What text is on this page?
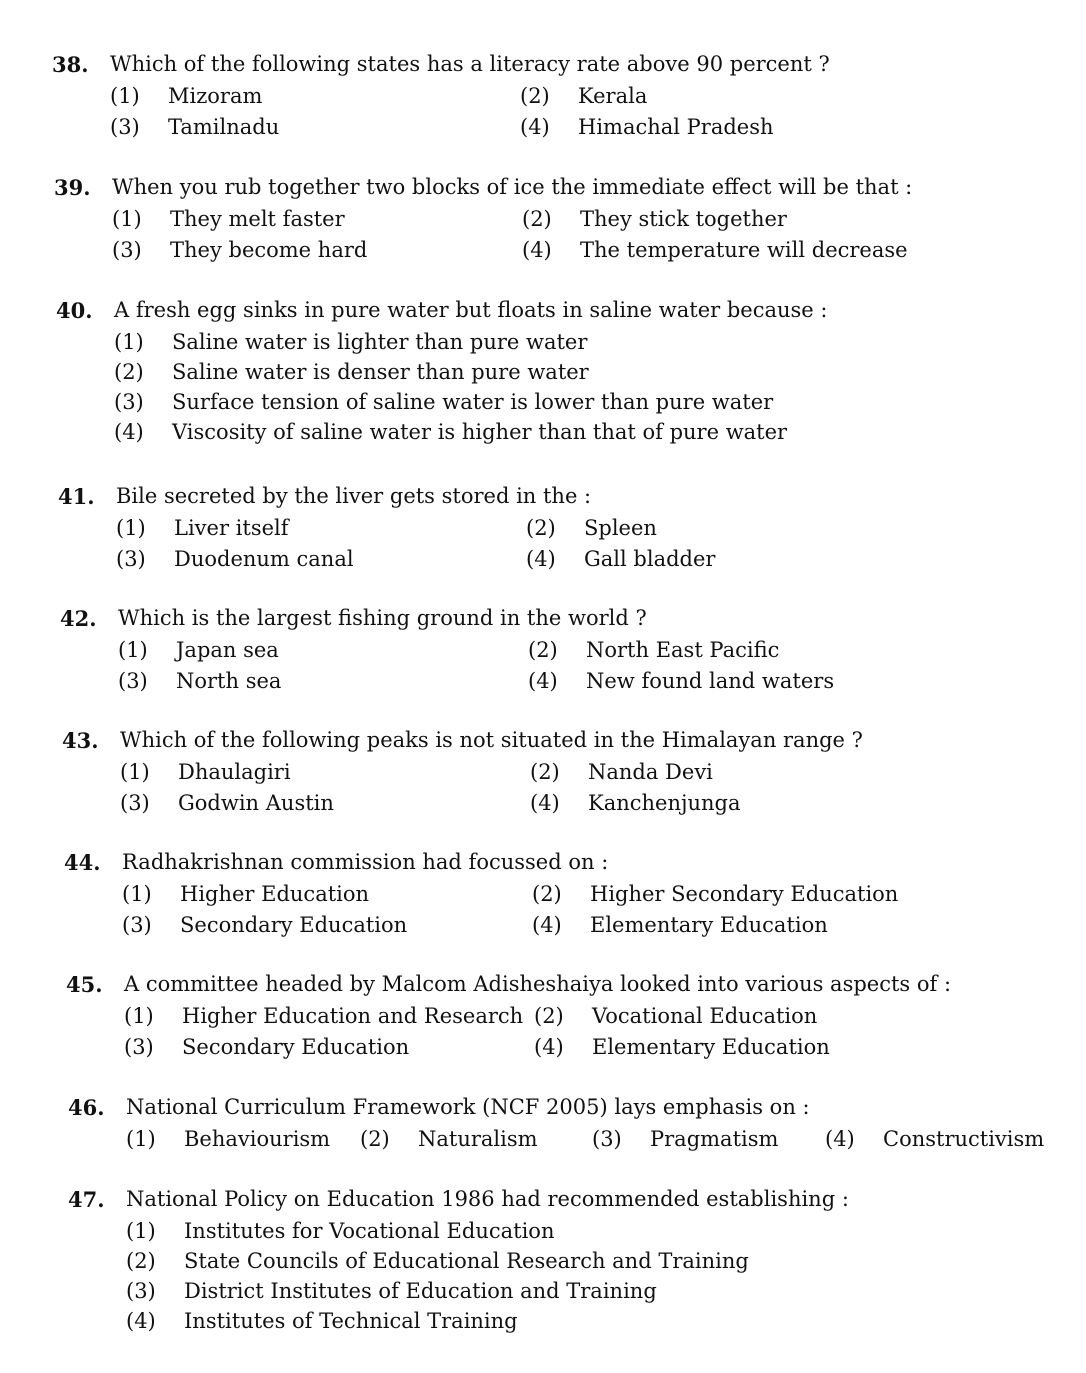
38. Which of the following states has a literacy rate above 90 percent ?
(1) Mizoram	(2) Kerala
(3) Tamilnadu	(4) Himachal Pradesh
39. When you rub together two blocks of ice the immediate effect will be that :
(1) They melt faster	(2) They stick together
(3) They become hard	(4) The temperature will decrease
40. A fresh egg sinks in pure water but floats in saline water because :
(1) Saline water is lighter than pure water
(2) Saline water is denser than pure water
(3) Surface tension of saline water is lower than pure water
(4) Viscosity of saline water is higher than that of pure water
41. Bile secreted by the liver gets stored in the :
(1) Liver itself	(2) Spleen
(3) Duodenum canal	(4) Gall bladder
42. Which is the largest fishing ground in the world ?
(1) Japan sea	(2) North East Pacific
(3) North sea	(4) New found land waters
43. Which of the following peaks is not situated in the Himalayan range ?
(1) Dhaulagiri	(2) Nanda Devi
(3) Godwin Austin	(4) Kanchenjunga
44. Radhakrishnan commission had focussed on :
(1) Higher Education	(2) Higher Secondary Education
(3) Secondary Education	(4) Elementary Education
45. A committee headed by Malcom Adisheshaiya looked into various aspects of :
(1) Higher Education and Research (2) Vocational Education
(3) Secondary Education	(4) Elementary Education
46. National Curriculum Framework (NCF 2005) lays emphasis on :
(1) Behaviourism (2) Naturalism	(3) Pragmatism (4) Constructivism
47. National Policy on Education 1986 had recommended establishing :
(1) Institutes for Vocational Education
(2) State Councils of Educational Research and Training
(3) District Institutes of Education and Training
(4) Institutes of Technical Training
